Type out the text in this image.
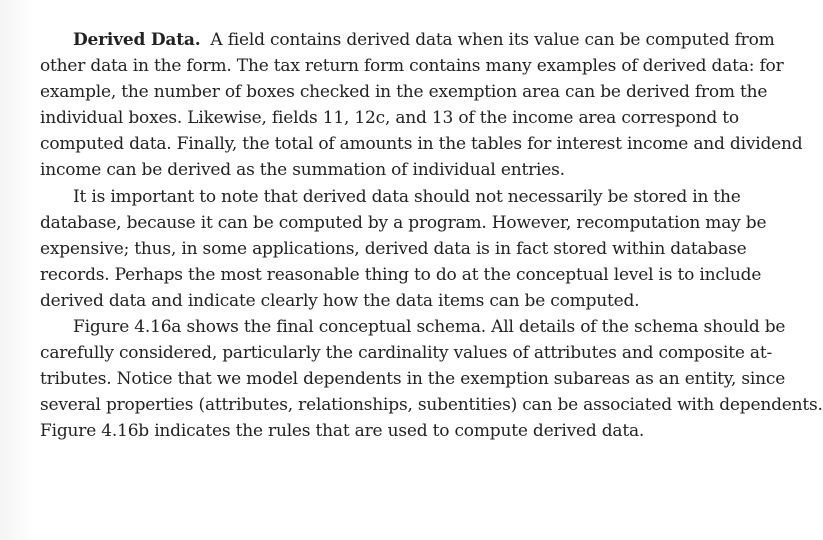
Derived Data. A field contains derived data when its value can be computed from
other data in the form. The tax return form contains many examples of derived data: for
example, the number of boxes checked in the exemption area can be derived from the
individual boxes. Likewise, fields 11, 12c, and 13 of the income area correspond to
computed data. Finally, the total of amounts in the tables for interest income and dividend
income can be derived as the summation of individual entries.
It is important to note that derived data should not necessarily be stored in the
database, because it can be computed by a program. However, recomputation may be
expensive; thus, in some applications, derived data is in fact stored within database
records. Perhaps the most reasonable thing to do at the conceptual level is to include
derived data and indicate clearly how the data items can be computed.
Figure 4.16a shows the final conceptual schema. All details of the schema should be
carefully considered, particularly the cardinality values of attributes and composite at-
tributes. Notice that we model dependents in the exemption subareas as an entity, since
several properties (attributes, relationships, subentities) can be associated with dependents.
Figure 4.16b indicates the rules that are used to compute derived data.
